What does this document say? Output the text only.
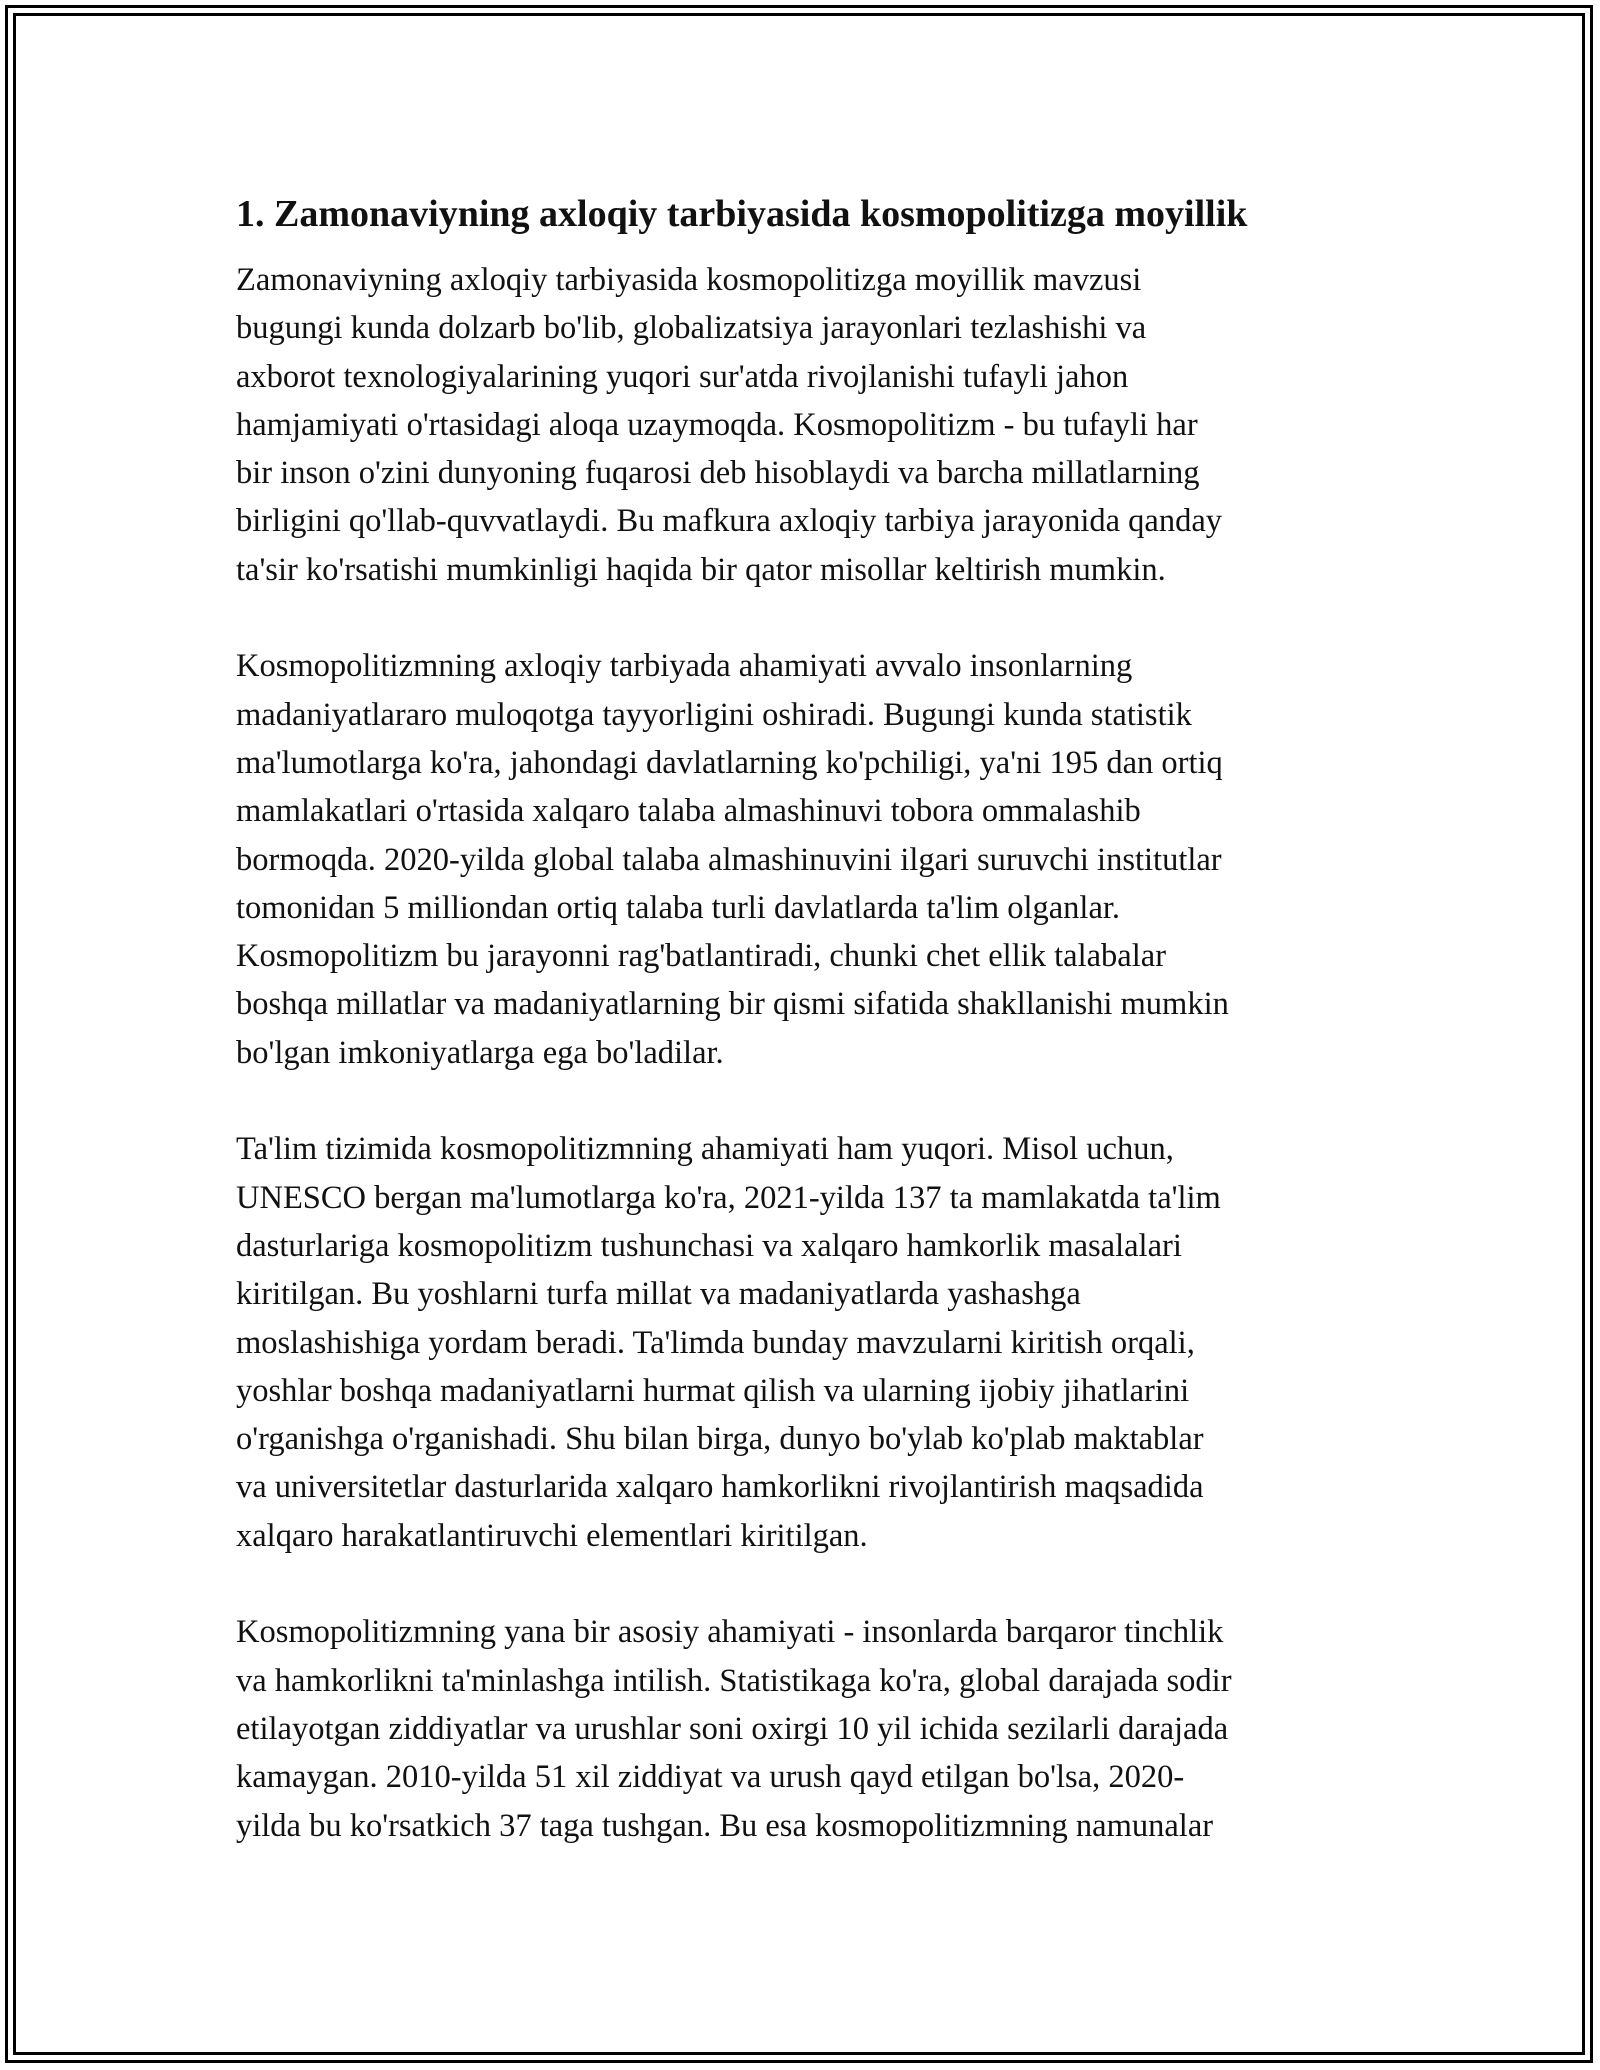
1. Zamonaviyning axloqiy tarbiyasida kosmopolitizga moyillik
Zamonaviyning axloqiy tarbiyasida kosmopolitizga moyillik mavzusi
bugungi kunda dolzarb bo'lib, globalizatsiya jarayonlari tezlashishi va
axborot texnologiyalarining yuqori sur'atda rivojlanishi tufayli jahon
hamjamiyati o'rtasidagi aloqa uzaymoqda. Kosmopolitizm - bu tufayli har
bir inson o'zini dunyoning fuqarosi deb hisoblaydi va barcha millatlarning
birligini qo'llab-quvvatlaydi. Bu mafkura axloqiy tarbiya jarayonida qanday
ta'sir ko'rsatishi mumkinligi haqida bir qator misollar keltirish mumkin.
Kosmopolitizmning axloqiy tarbiyada ahamiyati avvalo insonlarning
madaniyatlararo muloqotga tayyorligini oshiradi. Bugungi kunda statistik
ma'lumotlarga ko'ra, jahondagi davlatlarning ko'pchiligi, ya'ni 195 dan ortiq
mamlakatlari o'rtasida xalqaro talaba almashinuvi tobora ommalashib
bormoqda. 2020-yilda global talaba almashinuvini ilgari suruvchi institutlar
tomonidan 5 milliondan ortiq talaba turli davlatlarda ta'lim olganlar.
Kosmopolitizm bu jarayonni rag'batlantiradi, chunki chet ellik talabalar
boshqa millatlar va madaniyatlarning bir qismi sifatida shakllanishi mumkin
bo'lgan imkoniyatlarga ega bo'ladilar.
Ta'lim tizimida kosmopolitizmning ahamiyati ham yuqori. Misol uchun,
UNESCO bergan ma'lumotlarga ko'ra, 2021-yilda 137 ta mamlakatda ta'lim
dasturlariga kosmopolitizm tushunchasi va xalqaro hamkorlik masalalari
kiritilgan. Bu yoshlarni turfa millat va madaniyatlarda yashashga
moslashishiga yordam beradi. Ta'limda bunday mavzularni kiritish orqali,
yoshlar boshqa madaniyatlarni hurmat qilish va ularning ijobiy jihatlarini
o'rganishga o'rganishadi. Shu bilan birga, dunyo bo'ylab ko'plab maktablar
va universitetlar dasturlarida xalqaro hamkorlikni rivojlantirish maqsadida
xalqaro harakatlantiruvchi elementlari kiritilgan.
Kosmopolitizmning yana bir asosiy ahamiyati - insonlarda barqaror tinchlik
va hamkorlikni ta'minlashga intilish. Statistikaga ko'ra, global darajada sodir
etilayotgan ziddiyatlar va urushlar soni oxirgi 10 yil ichida sezilarli darajada
kamaygan. 2010-yilda 51 xil ziddiyat va urush qayd etilgan bo'lsa, 2020-
yilda bu ko'rsatkich 37 taga tushgan. Bu esa kosmopolitizmning namunalar
